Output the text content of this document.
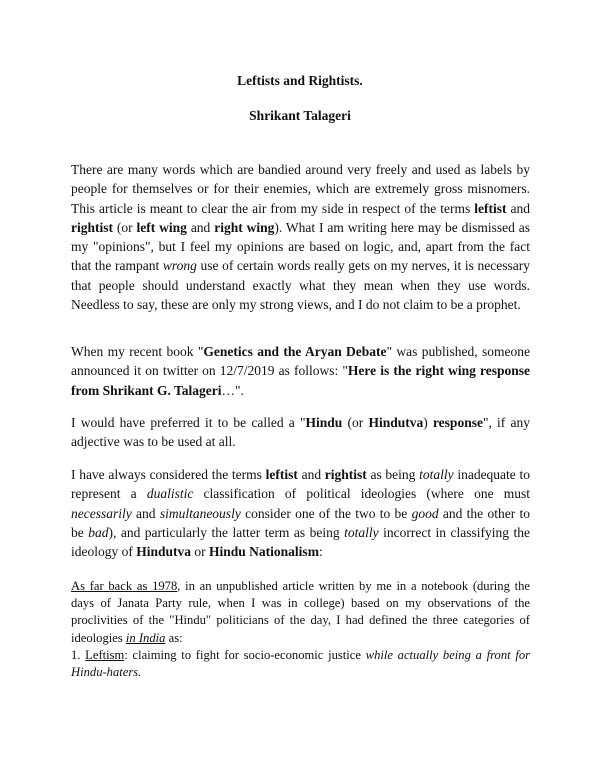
Leftists and Rightists.
Shrikant Talageri
There are many words which are bandied around very freely and used as labels by people for themselves or for their enemies, which are extremely gross misnomers. This article is meant to clear the air from my side in respect of the terms leftist and rightist (or left wing and right wing). What I am writing here may be dismissed as my "opinions", but I feel my opinions are based on logic, and, apart from the fact that the rampant wrong use of certain words really gets on my nerves, it is necessary that people should understand exactly what they mean when they use words. Needless to say, these are only my strong views, and I do not claim to be a prophet.
When my recent book "Genetics and the Aryan Debate" was published, someone announced it on twitter on 12/7/2019 as follows: "Here is the right wing response from Shrikant G. Talageri…".
I would have preferred it to be called a "Hindu (or Hindutva) response", if any adjective was to be used at all.
I have always considered the terms leftist and rightist as being totally inadequate to represent a dualistic classification of political ideologies (where one must necessarily and simultaneously consider one of the two to be good and the other to be bad), and particularly the latter term as being totally incorrect in classifying the ideology of Hindutva or Hindu Nationalism:
As far back as 1978, in an unpublished article written by me in a notebook (during the days of Janata Party rule, when I was in college) based on my observations of the proclivities of the "Hindu" politicians of the day, I had defined the three categories of ideologies in India as:
1. Leftism: claiming to fight for socio-economic justice while actually being a front for Hindu-haters.
